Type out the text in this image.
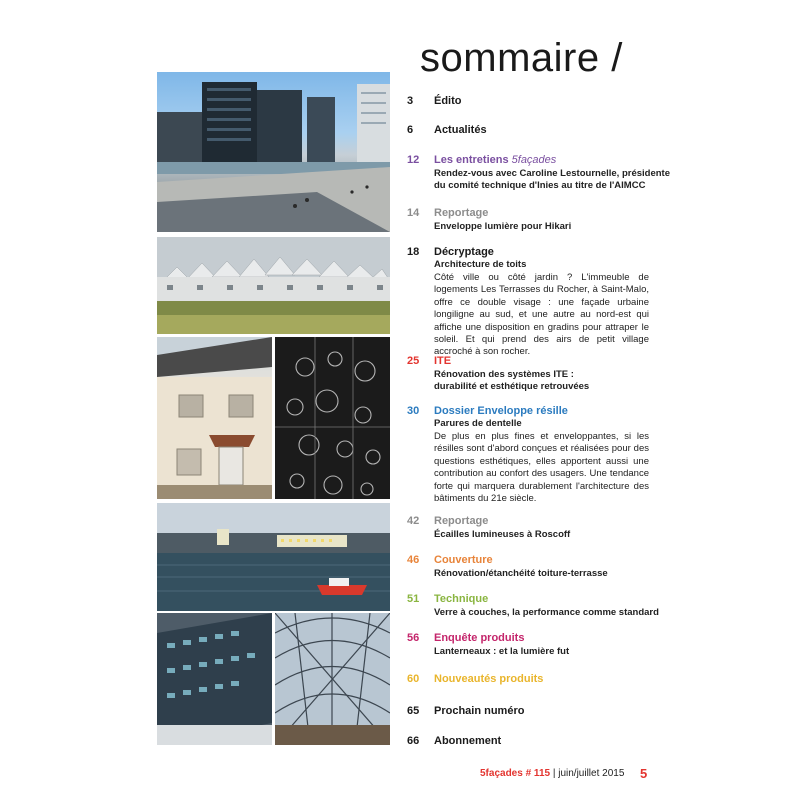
sommaire /
3 Édito
6 Actualités
12 Les entretiens 5façades
Rendez-vous avec Caroline Lestournelle, présidente
du comité technique d'Inies au titre de l'AIMCC
14 Reportage
Enveloppe lumière pour Hikari
18 Décryptage
Architecture de toits
Côté ville ou côté jardin ? L'immeuble de logements Les Terrasses du Rocher, à Saint-Malo, offre ce double visage : une façade urbaine longiligne au sud, et une autre au nord-est qui affiche une disposition en gradins pour attraper le soleil. Et qui prend des airs de petit village accroché à son rocher.
25 ITE
Rénovation des systèmes ITE :
durabilité et esthétique retrouvées
30 Dossier Enveloppe résille
Parures de dentelle
De plus en plus fines et enveloppantes, si les résilles sont d'abord conçues et réalisées pour des questions esthétiques, elles apportent aussi une contribution au confort des usagers. Une tendance forte qui marquera durablement l'architecture des bâtiments du 21e siècle.
42 Reportage
Écailles lumineuses à Roscoff
46 Couverture
Rénovation/étanchéité toiture-terrasse
51 Technique
Verre à couches, la performance comme standard
56 Enquête produits
Lanterneaux : et la lumière fut
60 Nouveautés produits
65 Prochain numéro
66 Abonnement
5façades # 115 | juin/juillet 2015 5
